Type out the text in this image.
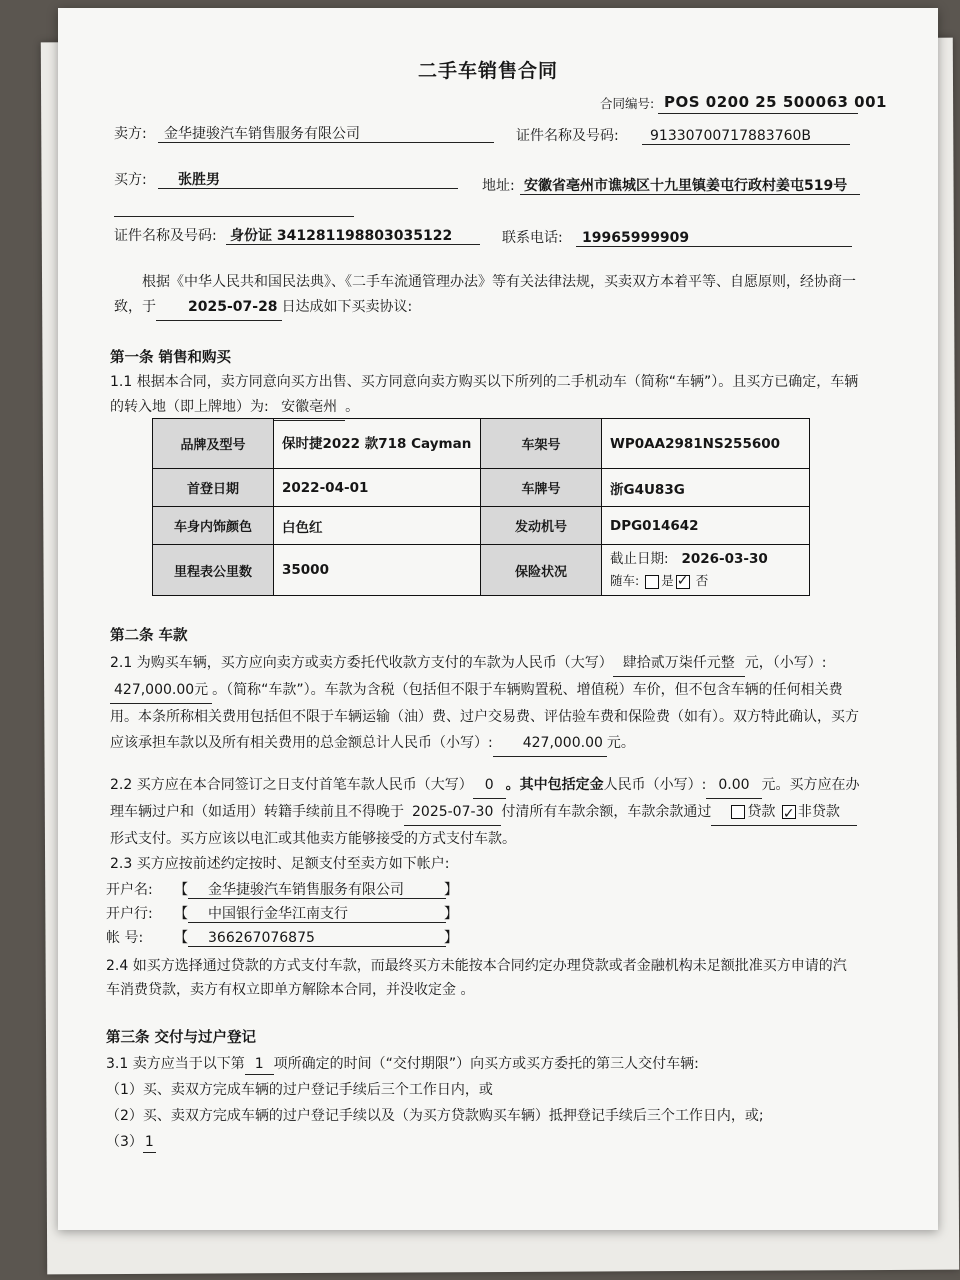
二手车销售合同
合同编号: POS 0200 25 500063 001
卖方: 金华捷骏汽车销售服务有限公司	证件名称及号码: 91330700717883760B
买方: 张胜男	地址: 安徽省亳州市谯城区十九里镇姜屯行政村姜屯519号
证件名称及号码: 身份证 341281198803035122	联系电话: 19965999909
根据《中华人民共和国民法典》、《二手车流通管理办法》等有关法律法规，买卖双方本着平等、自愿原则，经协商一致，于 2025-07-28 日达成如下买卖协议:
第一条 销售和购买
1.1 根据本合同，卖方同意向买方出售、买方同意向卖方购买以下所列的二手机动车（简称“车辆”）。且买方已确定，车辆的转入地（即上牌地）为: 安徽亳州 。
品牌及型号	保时捷2022 款718 Cayman	车架号	WP0AA2981NS255600
首登日期	2022-04-01	车牌号	浙G4U83G
车身内饰颜色	白色红	发动机号	DPG014642
里程表公里数	35000	保险状况	截止日期: 2026-03-30
随车: 是 ✓ 否
第二条 车款
2.1 为购买车辆，买方应向卖方或卖方委托代收款方支付的车款为人民币（大写） 肆拾贰万柒仟元整 元，（小写）:427,000.00元 。（简称“车款”）。车款为含税（包括但不限于车辆购置税、增值税）车价，但不包含车辆的任何相关费用。本条所称相关费用包括但不限于车辆运输（油）费、过户交易费、评估验车费和保险费（如有）。双方特此确认，买方应该承担车款以及所有相关费用的总金额总计人民币（小写）: 427,000.00 元。
2.2 买方应在本合同签订之日支付首笔车款人民币（大写） 0 。其中包括定金人民币（小写）: 0.00 元。买方应在办理车辆过户和（如适用）转籍手续前且不得晚于 2025-07-30 付清所有车款余额，车款余款通过	贷款 ✓ 非贷款   形式支付。买方应该以电汇或其他卖方能够接受的方式支付车款。
2.3 买方应按前述约定按时、足额支付至卖方如下帐户:
开户名: 【 金华捷骏汽车销售服务有限公司	】
开户行: 【 中国银行金华江南支行	】
帐 号: 【 366267076875	】
2.4 如买方选择通过贷款的方式支付车款，而最终买方未能按本合同约定办理贷款或者金融机构未足额批准买方申请的汽车消费贷款，卖方有权立即单方解除本合同，并没收定金 。
第三条 交付与过户登记
3.1 卖方应当于以下第 1 项所确定的时间（“交付期限”）向买方或买方委托的第三人交付车辆:
（1）买、卖双方完成车辆的过户登记手续后三个工作日内，或
（2）买、卖双方完成车辆的过户登记手续以及（为买方贷款购买车辆）抵押登记手续后三个工作日内，或;
（3） 1
